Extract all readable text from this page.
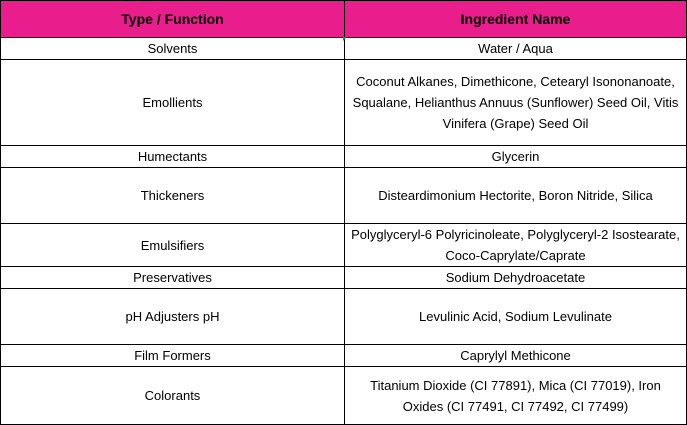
Type / Function	Ingredient Name
Solvents	Water / Aqua
Emollients	Coconut Alkanes, Dimethicone, Cetearyl Isononanoate, Squalane, Helianthus Annuus (Sunflower) Seed Oil, Vitis Vinifera (Grape) Seed Oil
Humectants	Glycerin
Thickeners	Disteardimonium Hectorite, Boron Nitride, Silica
Emulsifiers	Polyglyceryl-6 Polyricinoleate, Polyglyceryl-2 Isostearate, Coco-Caprylate/Caprate
Preservatives	Sodium Dehydroacetate
pH Adjusters pH	Levulinic Acid, Sodium Levulinate
Film Formers	Caprylyl Methicone
Colorants	Titanium Dioxide (CI 77891), Mica (CI 77019), Iron Oxides (CI 77491, CI 77492, CI 77499)
